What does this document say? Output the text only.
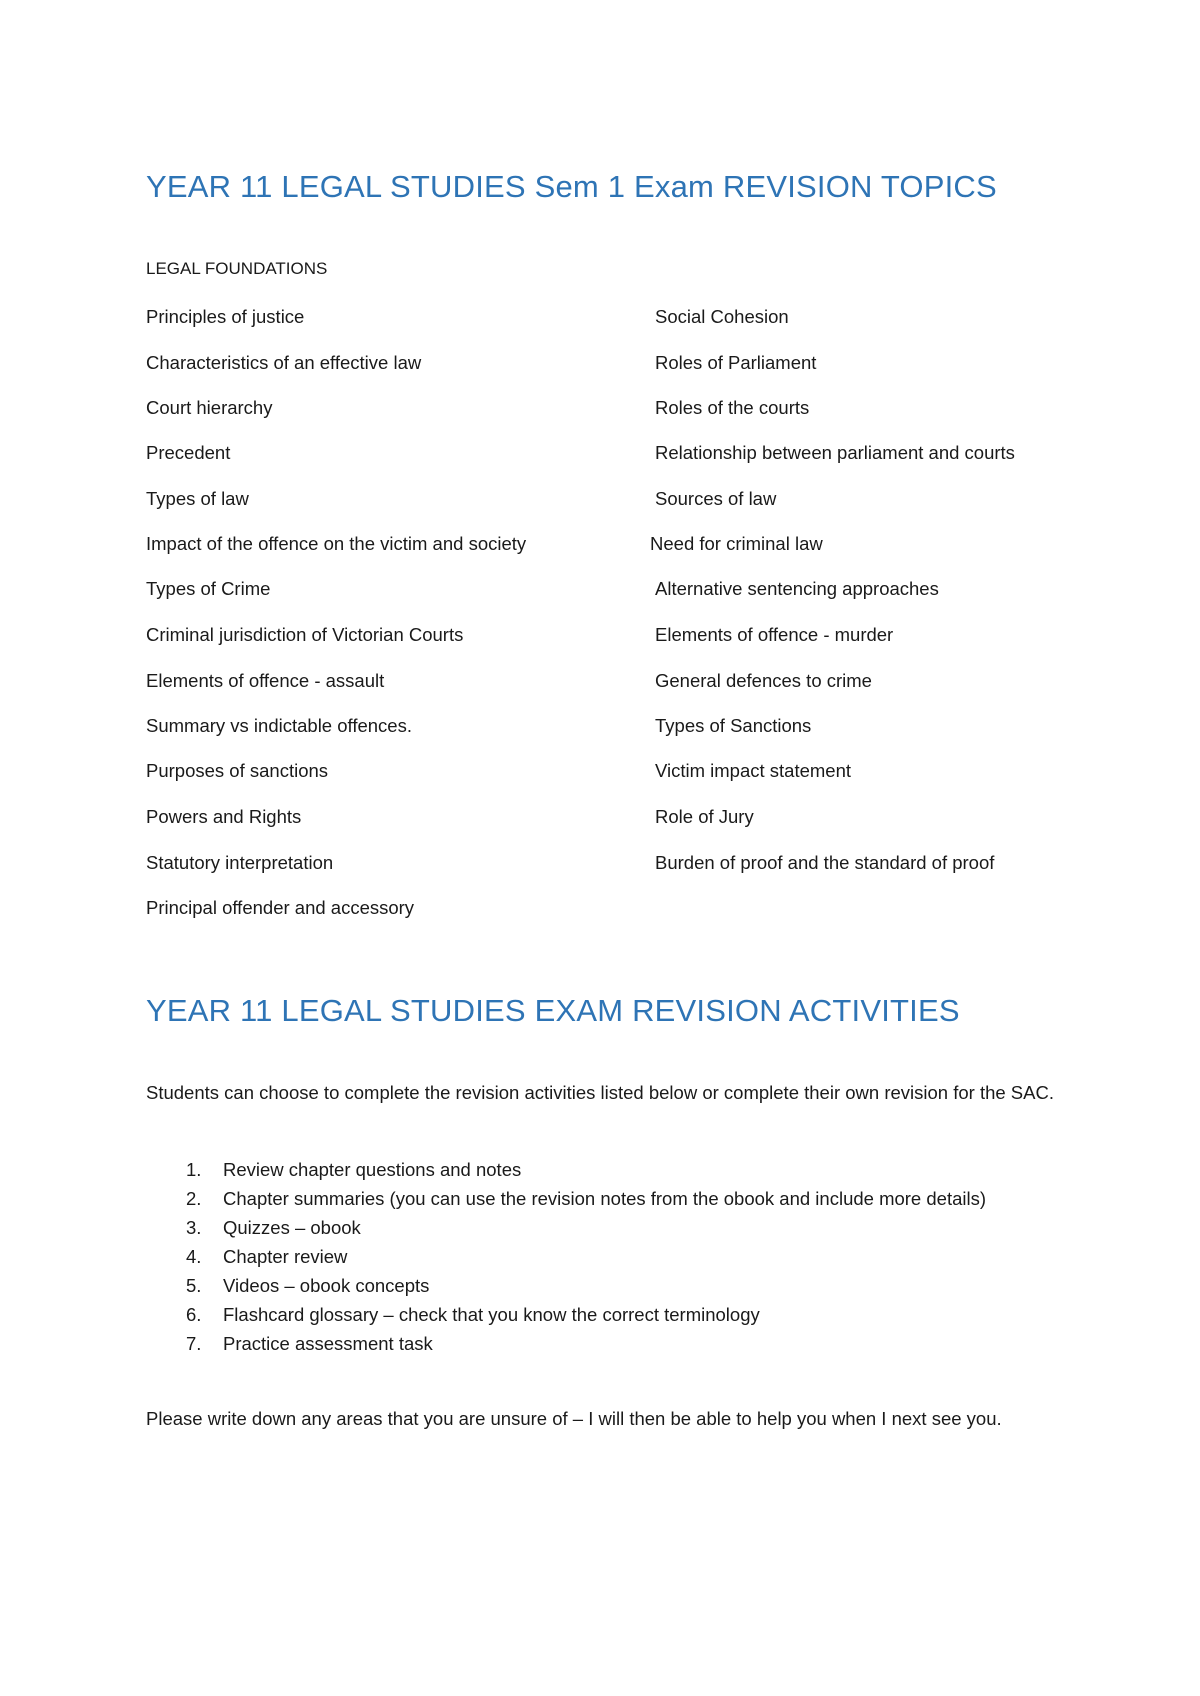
YEAR 11 LEGAL STUDIES Sem 1 Exam REVISION TOPICS
LEGAL FOUNDATIONS
Principles of justice
Characteristics of an effective law
Court hierarchy
Precedent
Types of law
Impact of the offence on the victim and society
Types of Crime
Criminal jurisdiction of Victorian Courts
Elements of offence - assault
Summary vs indictable offences.
Purposes of sanctions
Powers and Rights
Statutory interpretation
Principal offender and accessory
Social Cohesion
Roles of Parliament
Roles of the courts
Relationship between parliament and courts
Sources of law
Need for criminal law
Alternative sentencing approaches
Elements of offence - murder
General defences to crime
Types of Sanctions
Victim impact statement
Role of Jury
Burden of proof and the standard of proof
YEAR 11 LEGAL STUDIES EXAM REVISION ACTIVITIES

Students can choose to complete the revision activities listed below or complete their own revision for the SAC.

1. Review chapter questions and notes
2. Chapter summaries (you can use the revision notes from the obook and include more details)
3. Quizzes – obook
4. Chapter review
5. Videos – obook concepts
6. Flashcard glossary – check that you know the correct terminology
7. Practice assessment task

Please write down any areas that you are unsure of – I will then be able to help you when I next see you.
